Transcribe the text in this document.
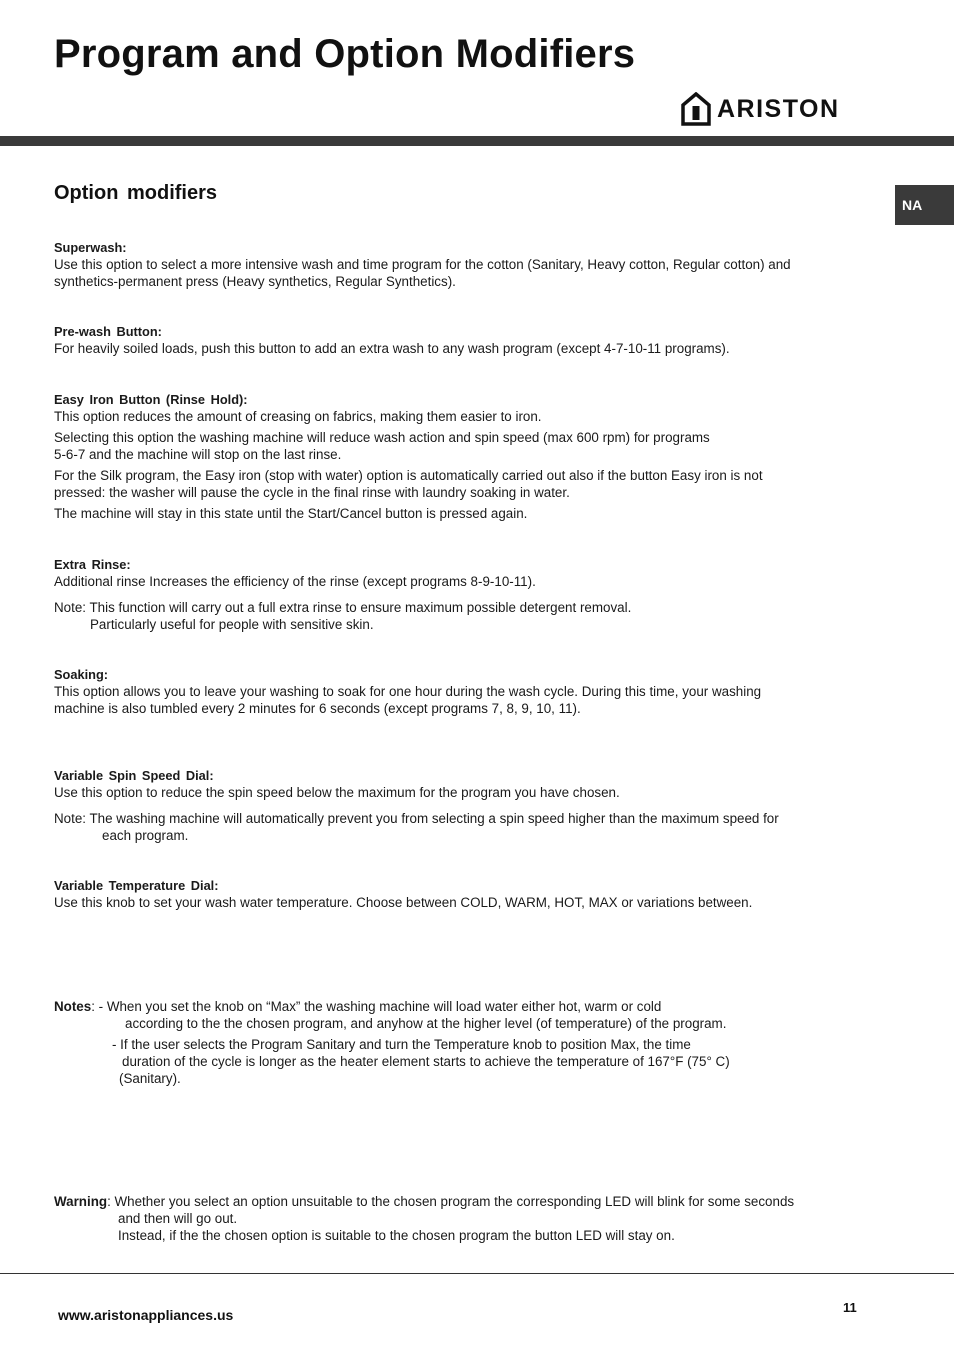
Program and Option Modifiers
ARISTON
Option modifiers
NA

Superwash:

Use this option to select a more intensive wash and time program for the cotton (Sanitary, Heavy cotton, Regular cotton) and

synthetics-permanent press (Heavy synthetics, Regular Synthetics).

Pre-wash Button:

For heavily soiled loads, push this button to add an extra wash to any wash program (except 4-7-10-11 programs).

Easy Iron Button (Rinse Hold):

This option reduces the amount of creasing on fabrics, making them easier to iron.

Selecting this option the washing machine will reduce wash action and spin speed (max 600 rpm) for programs

5-6-7 and the machine will stop on the last rinse.

For the Silk program, the Easy iron (stop with water) option is automatically carried out also if the button Easy iron is not

pressed: the washer will pause the cycle in the final rinse with laundry soaking in water.

The machine will stay in this state until the Start/Cancel button is pressed again.

Extra Rinse:

Additional rinse Increases the efficiency of the rinse (except programs 8-9-10-11).

Note: This function will carry out a full extra rinse to ensure maximum possible detergent removal.

Particularly useful for people with sensitive skin.

Soaking:

This option allows you to leave your washing to soak for one hour during the wash cycle. During this time, your washing

machine is also tumbled every 2 minutes for 6 seconds (except programs 7, 8, 9, 10, 11).

Variable Spin Speed Dial:

Use this option to reduce the spin speed below the maximum for the program you have chosen.

Note: The washing machine will automatically prevent you from selecting a spin speed higher than the maximum speed for

each program.

Variable Temperature Dial:

Use this knob to set your wash water temperature. Choose between COLD, WARM, HOT, MAX or variations between.

Notes: - When you set the knob on “Max” the washing machine will load water either hot, warm or cold

according to the the chosen program, and anyhow at the higher level (of temperature) of the program.

- If the user selects the Program Sanitary and turn the Temperature knob to position Max, the time

duration of the cycle is longer as the heater element starts to achieve the temperature of 167°F (75° C)

(Sanitary).

Warning: Whether you select an option unsuitable to the chosen program the corresponding LED will blink for some seconds

and then will go out.

Instead, if the the chosen option is suitable to the chosen program the button LED will stay on.

www.aristonappliances.us	11
